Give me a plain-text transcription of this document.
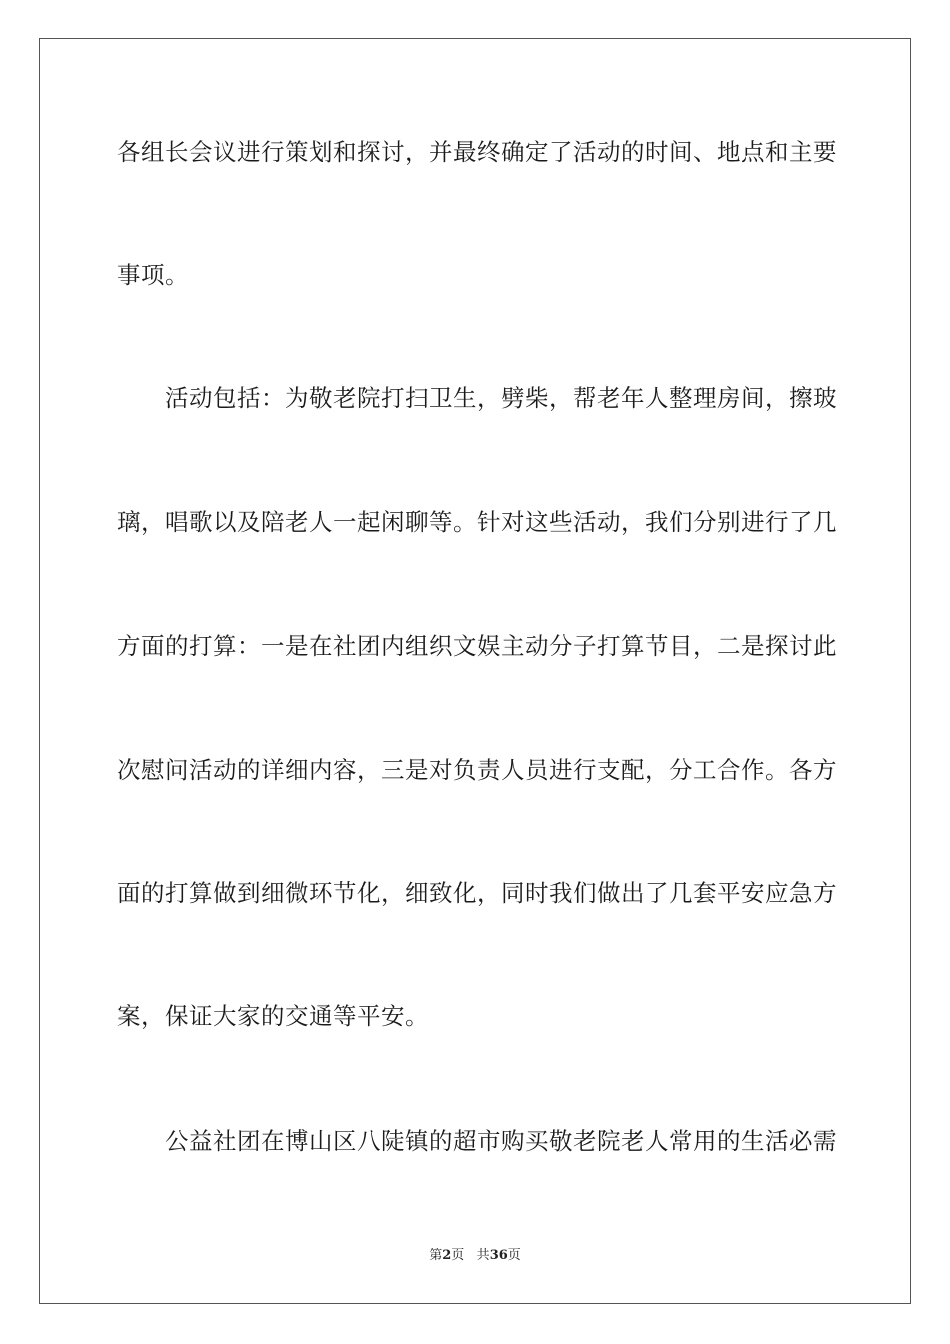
各组长会议进行策划和探讨，并最终确定了活动的时间、地点和主要
事项。
活动包括：为敬老院打扫卫生，劈柴，帮老年人整理房间，擦玻
璃，唱歌以及陪老人一起闲聊等。针对这些活动，我们分别进行了几
方面的打算：一是在社团内组织文娱主动分子打算节目，二是探讨此
次慰问活动的详细内容，三是对负责人员进行支配，分工合作。各方
面的打算做到细微环节化，细致化，同时我们做出了几套平安应急方
案，保证大家的交通等平安。
公益社团在博山区八陡镇的超市购买敬老院老人常用的生活必需
第2页 共36页
